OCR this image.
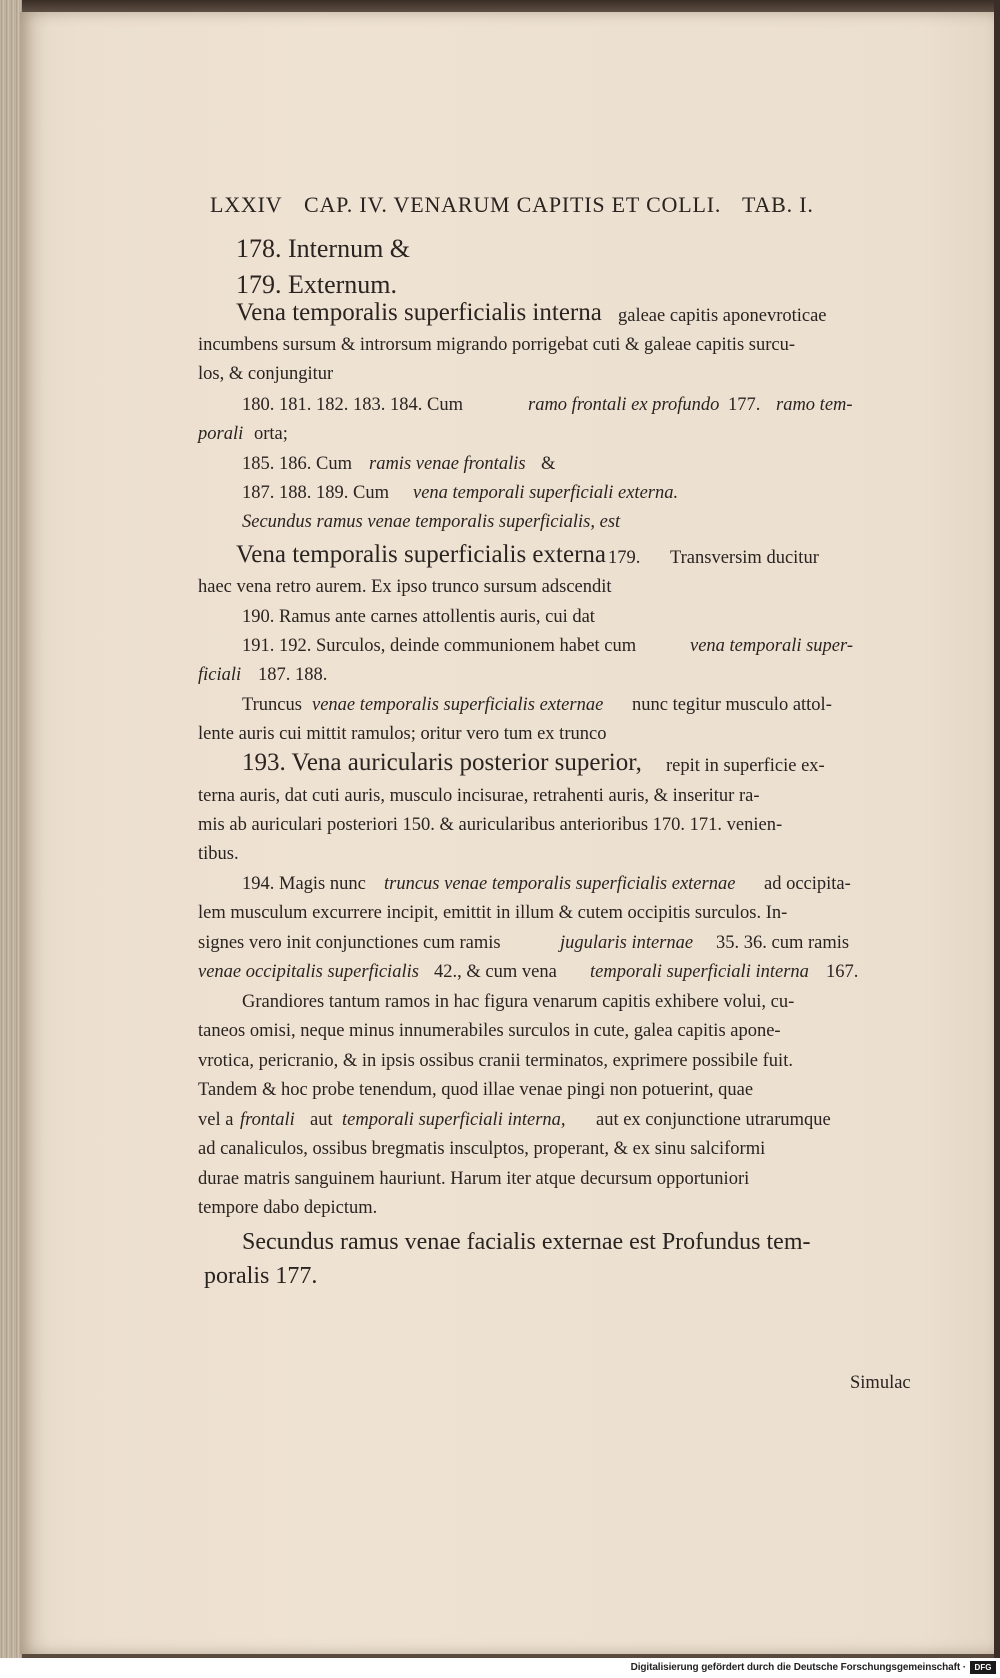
LXXIV CAP. IV. VENARUM CAPITIS ET COLLI. TAB. I.
178. Internum &
179. Externum.
Vena temporalis superficialis interna galeae capitis aponevroticae
incumbens sursum & introrsum migrando porrigebat cuti & galeae capitis surcu-
los, & conjungitur
180. 181. 182. 183. 184. Cum	ramo frontali ex profundo 177. ramo tem-
porali orta;
185. 186. Cum ramis venae frontalis &
187. 188. 189. Cum vena temporali superficiali externa.
Secundus ramus venae temporalis superficialis, est
Vena temporalis superficialis externa 179. Transversim ducitur
haec vena retro aurem. Ex ipso trunco sursum adscendit
190. Ramus ante carnes attollentis auris, cui dat
191. 192. Surculos, deinde communionem habet cum	vena temporali super-
ficiali 187. 188.
Truncus venae temporalis superficialis externae nunc tegitur musculo attol-
lente auris cui mittit ramulos; oritur vero tum ex trunco
193. Vena auricularis posterior superior, repit in superficie ex-
terna auris, dat cuti auris, musculo incisurae, retrahenti auris, & inseritur ra-
mis ab auriculari posteriori 150. & auricularibus anterioribus 170. 171. venien-
tibus.
194. Magis nunc truncus venae temporalis superficialis externae ad occipita-
lem musculum excurrere incipit, emittit in illum & cutem occipitis surculos. In-
signes vero init conjunctiones cum ramis	jugularis internae 35. 36. cum ramis
venae occipitalis superficialis 42., & cum vena temporali superficiali interna 167.
Grandiores tantum ramos in hac figura venarum capitis exhibere volui, cu-
taneos omisi, neque minus innumerabiles surculos in cute, galea capitis apone-
vrotica, pericranio, & in ipsis ossibus cranii terminatos, exprimere possibile fuit.
Tandem & hoc probe tenendum, quod illae venae pingi non potuerint, quae
vel a frontali aut temporali superficiali interna, aut ex conjunctione utrarumque
ad canaliculos, ossibus bregmatis insculptos, properant, & ex sinu salciformi
durae matris sanguinem hauriunt. Harum iter atque decursum opportuniori
tempore dabo depictum.
Secundus ramus venae facialis externae est Profundus tem-
poralis 177.
Simulac
Digitalisierung gefördert durch die Deutsche Forschungsgemeinschaft ·	DFG
